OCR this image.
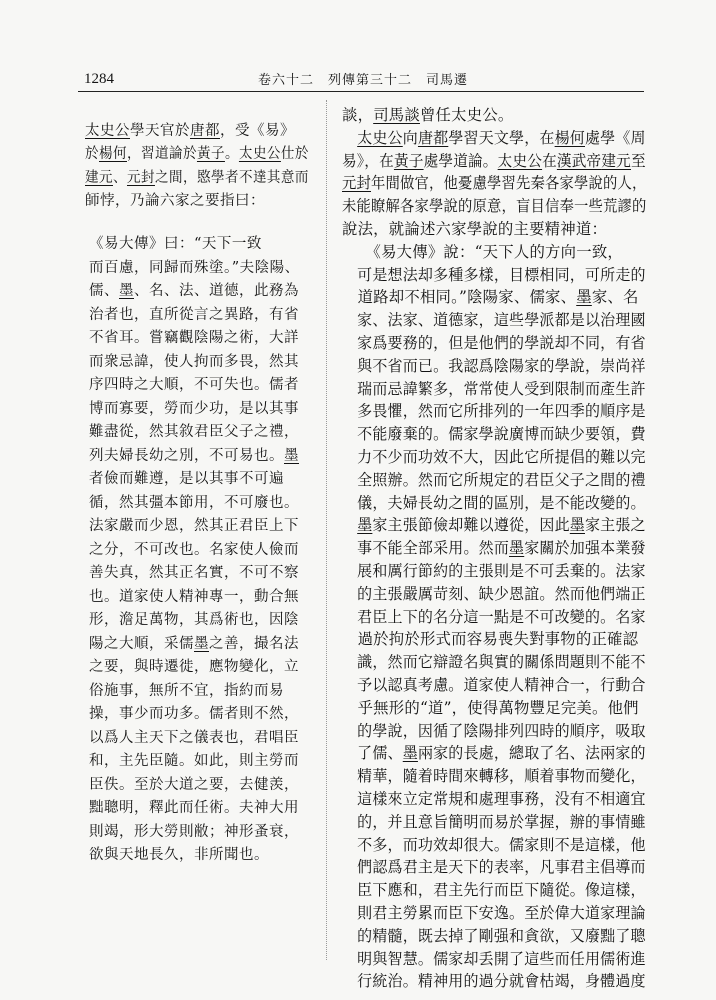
1284	卷六十二　列傳第三十二　司馬遷
太史公學天官於唐都，受《易》
於楊何，習道論於黃子。太史公仕於
建元、元封之間，愍學者不達其意而
師悖，乃論六家之要指曰：
《易大傳》曰：“天下一致
而百慮，同歸而殊塗。”夫陰陽、
儒、墨、名、法、道德，此務為
治者也，直所從言之異路，有省
不省耳。嘗竊觀陰陽之術，大詳
而衆忌諱，使人拘而多畏，然其
序四時之大順，不可失也。儒者
博而寡要，勞而少功，是以其事
難盡從，然其敘君臣父子之禮，
列夫婦長幼之別，不可易也。墨
者儉而難遵，是以其事不可遍
循，然其彊本節用，不可廢也。
法家嚴而少恩，然其正君臣上下
之分，不可改也。名家使人儉而
善失真，然其正名實，不可不察
也。道家使人精神專一，動合無
形，澹足萬物，其爲術也，因陰
陽之大順，采儒墨之善，撮名法
之要，與時遷徙，應物變化，立
俗施事，無所不宜，指約而易
操，事少而功多。儒者則不然，
以爲人主天下之儀表也，君唱臣
和，主先臣隨。如此，則主勞而
臣佚。至於大道之要，去健羡，
黜聰明，釋此而任術。夫神大用
則竭，形大勞則敝；神形蚤衰，
欲與天地長久，非所聞也。
談，司馬談曾任太史公。
　太史公向唐都學習天文學，在楊何處學《周
易》，在黃子處學道論。太史公在漢武帝建元至
元封年間做官，他憂慮學習先秦各家學說的人，
未能瞭解各家學說的原意，盲目信奉一些荒謬的
說法，就論述六家學說的主要精神道：
　　《易大傳》說：“天下人的方向一致，
　可是想法却多種多樣，目標相同，可所走的
　道路却不相同。”陰陽家、儒家、墨家、名
　家、法家、道德家，這些學派都是以治理國
　家爲要務的，但是他們的學説却不同，有省
　與不省而已。我認爲陰陽家的學說，崇尚祥
　瑞而忌諱繁多，常常使人受到限制而產生許
　多畏懼，然而它所排列的一年四季的順序是
　不能廢棄的。儒家學說廣博而缺少要領，費
　力不少而功效不大，因此它所提倡的難以完
　全照辦。然而它所規定的君臣父子之間的禮
　儀，夫婦長幼之間的區別，是不能改變的。
　墨家主張節儉却難以遵從，因此墨家主張之
　事不能全部采用。然而墨家關於加强本業發
　展和厲行節約的主張則是不可丢棄的。法家
　的主張嚴厲苛刻、缺少恩誼。然而他們端正
　君臣上下的名分這一點是不可改變的。名家
　過於拘於形式而容易喪失對事物的正確認
　識，然而它辯證名與實的關係問題則不能不
　予以認真考慮。道家使人精神合一，行動合
　乎無形的“道”，使得萬物豐足完美。他們
　的學說，因循了陰陽排列四時的順序，吸取
　了儒、墨兩家的長處，總取了名、法兩家的
　精華，隨着時間來轉移，順着事物而變化，
　這樣來立定常規和處理事務，没有不相適宜
　的，并且意旨簡明而易於掌握，辦的事情雖
　不多，而功效却很大。儒家則不是這樣，他
　們認爲君主是天下的表率，凡事君主倡導而
　臣下應和，君主先行而臣下隨從。像這樣，
　則君主勞累而臣下安逸。至於偉大道家理論
　的精髓，既去掉了剛强和貪欲，又廢黜了聰
　明與智慧。儒家却丢開了這些而任用儒術進
　行統治。精神用的過分就會枯竭，身體過度
